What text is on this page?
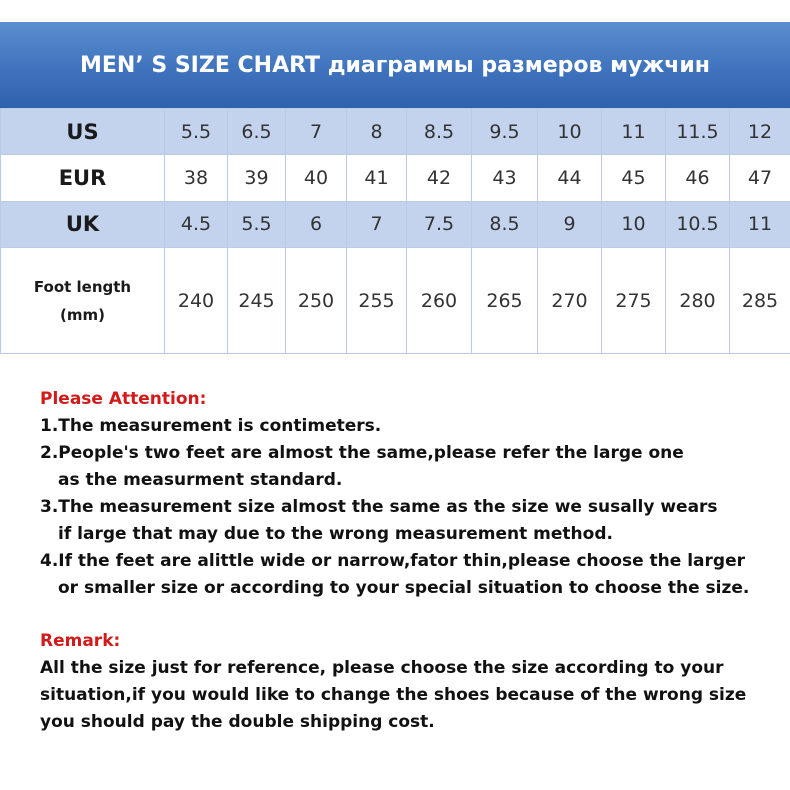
MEN’ S SIZE CHART диаграммы размеров мужчин
US	5.5	6.5	7	8	8.5	9.5	10	11	11.5	12
EUR	38	39	40	41	42	43	44	45	46	47
UK	4.5	5.5	6	7	7.5	8.5	9	10	10.5	11

Foot length
(mm)	240	245	250	255	260	265	270	275	280	285
Please Attention:
1.The measurement is contimeters.
2.People's two feet are almost the same,please refer the large one
as the measurment standard.
3.The measurement size almost the same as the size we susally wears
if large that may due to the wrong measurement method.
4.If the feet are alittle wide or narrow,fator thin,please choose the larger
or smaller size or according to your special situation to choose the size.
Remark:
All the size just for reference, please choose the size according to your
situation,if you would like to change the shoes because of the wrong size
you should pay the double shipping cost.
